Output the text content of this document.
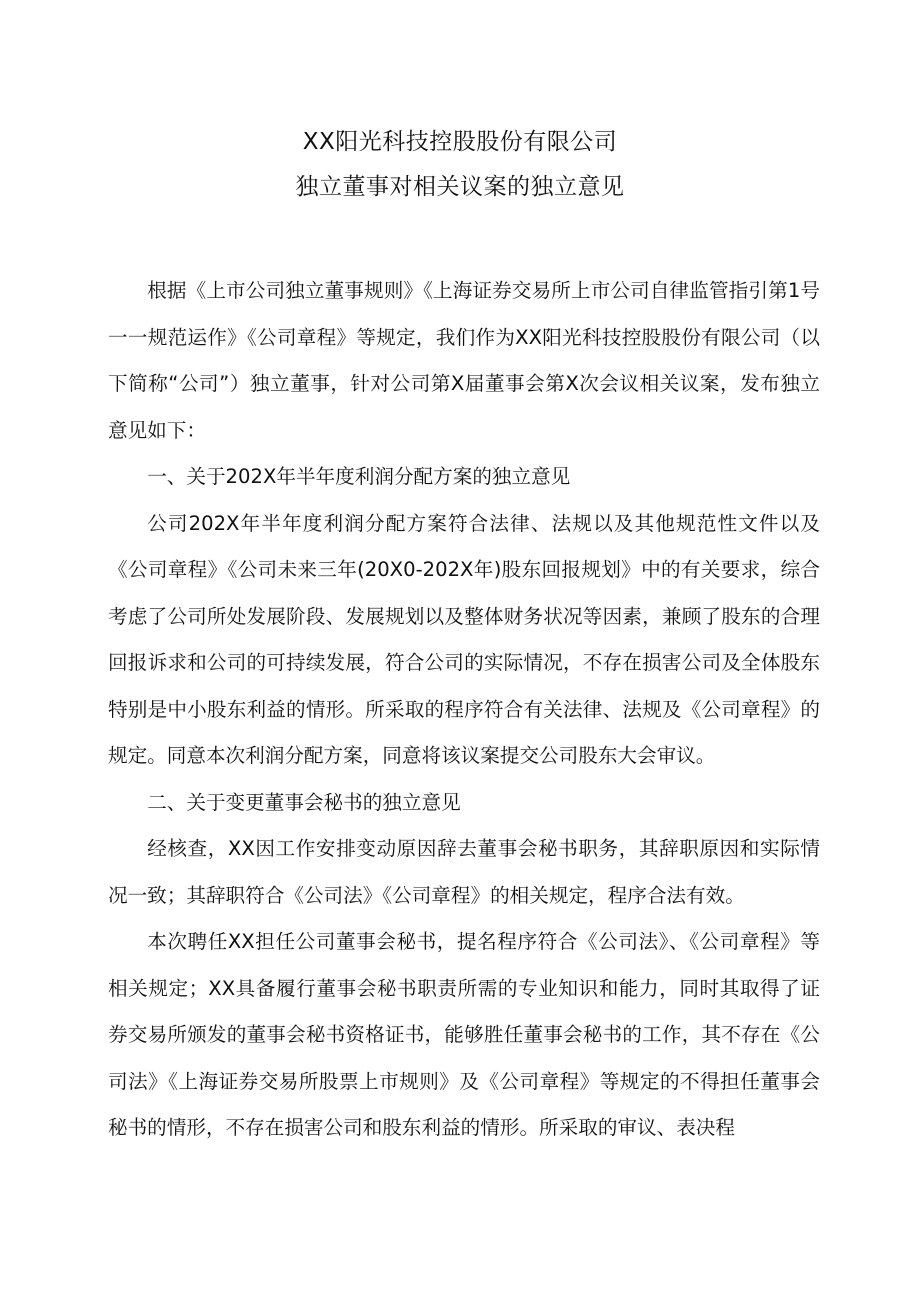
XX阳光科技控股股份有限公司
独立董事对相关议案的独立意见

根据《上市公司独立董事规则》《上海证券交易所上市公司自律监管指引第1号一一规范运作》《公司章程》等规定，我们作为XX阳光科技控股股份有限公司（以下简称“公司”）独立董事，针对公司第X届董事会第X次会议相关议案，发布独立意见如下：

一、关于202X年半年度利润分配方案的独立意见

公司202X年半年度利润分配方案符合法律、法规以及其他规范性文件以及《公司章程》《公司未来三年(20X0-202X年)股东回报规划》中的有关要求，综合考虑了公司所处发展阶段、发展规划以及整体财务状况等因素，兼顾了股东的合理回报诉求和公司的可持续发展，符合公司的实际情况，不存在损害公司及全体股东特别是中小股东利益的情形。所采取的程序符合有关法律、法规及《公司章程》的规定。同意本次利润分配方案，同意将该议案提交公司股东大会审议。

二、关于变更董事会秘书的独立意见

经核查，XX因工作安排变动原因辞去董事会秘书职务，其辞职原因和实际情况一致；其辞职符合《公司法》《公司章程》的相关规定，程序合法有效。

本次聘任XX担任公司董事会秘书，提名程序符合《公司法》、《公司章程》等相关规定；XX具备履行董事会秘书职责所需的专业知识和能力，同时其取得了证券交易所颁发的董事会秘书资格证书，能够胜任董事会秘书的工作，其不存在《公司法》《上海证券交易所股票上市规则》及《公司章程》等规定的不得担任董事会秘书的情形，不存在损害公司和股东利益的情形。所采取的审议、表决程
